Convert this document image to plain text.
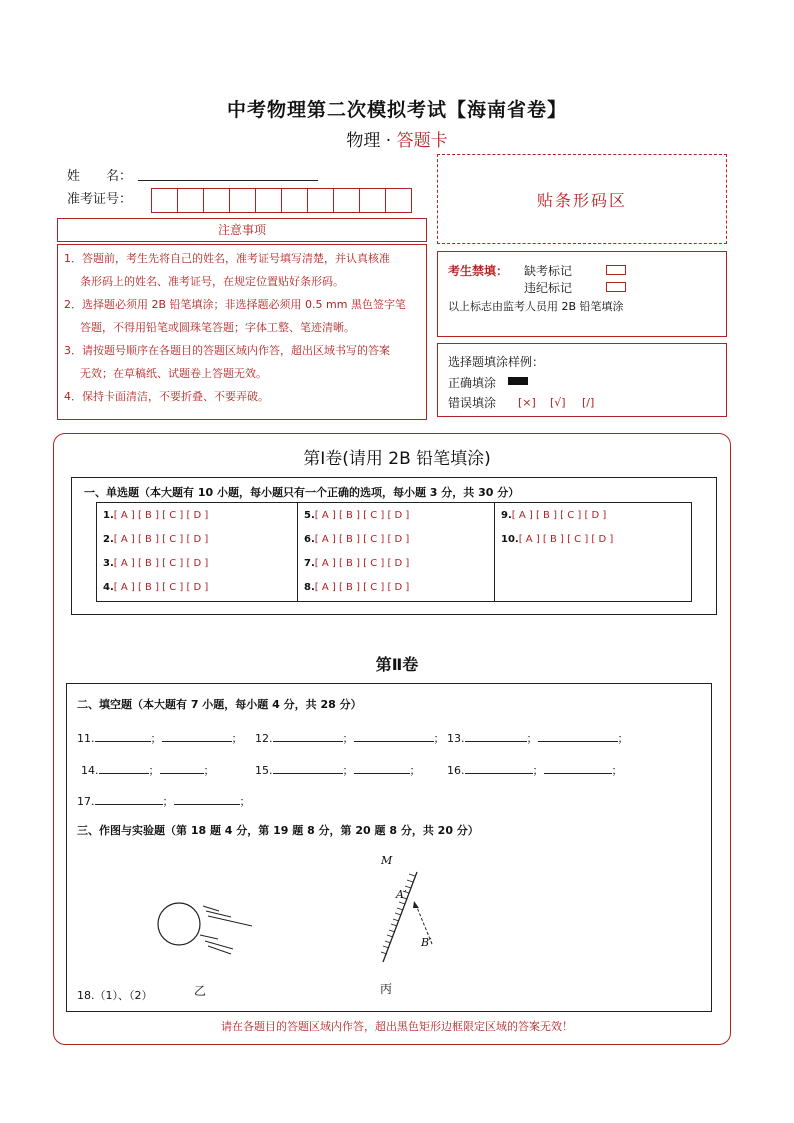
中考物理第二次模拟考试【海南省卷】
物理 · 答题卡
姓　　名：
准考证号：	贴条形码区
注意事项

1．答题前，考生先将自己的姓名，准考证号填写清楚，并认真核准

条形码上的姓名、准考证号，在规定位置贴好条形码。

2．选择题必须用 2B 铅笔填涂；非选择题必须用 0.5 mm 黑色签字笔

答题，不得用铅笔或圆珠笔答题；字体工整、笔迹清晰。

3．请按题号顺序在各题目的答题区域内作答，超出区域书写的答案

无效；在草稿纸、试题卷上答题无效。

4．保持卡面清洁，不要折叠、不要弄破。

考生禁填： 缺考标记
违纪标记
以上标志由监考人员用 2B 铅笔填涂
选择题填涂样例：
正确填涂
错误填涂 [×] [√] [/]
第Ⅰ卷(请用 2B 铅笔填涂)
一、单选题（本大题有 10 小题，每小题只有一个正确的选项，每小题 3 分，共 30 分）
1.[ A ] [ B ] [ C ] [ D ]
2.[ A ] [ B ] [ C ] [ D ]
3.[ A ] [ B ] [ C ] [ D ]
4.[ A ] [ B ] [ C ] [ D ]
5.[ A ] [ B ] [ C ] [ D ]
6.[ A ] [ B ] [ C ] [ D ]
7.[ A ] [ B ] [ C ] [ D ]
8.[ A ] [ B ] [ C ] [ D ]
9.[ A ] [ B ] [ C ] [ D ]
10.[ A ] [ B ] [ C ] [ D ]
第Ⅱ卷
二、填空题（本大题有 7 小题，每小题 4 分，共 28 分）
11.	；	； 12.	；	； 13.	；	；
14.	；	；	15.	；	； 16.	；	；
17.	；	；
三、作图与实验题（第 18 题 4 分，第 19 题 8 分，第 20 题 8 分，共 20 分）
乙
M
A′
B′
丙
18.（1）、（2）
请在各题目的答题区域内作答，超出黑色矩形边框限定区域的答案无效！
